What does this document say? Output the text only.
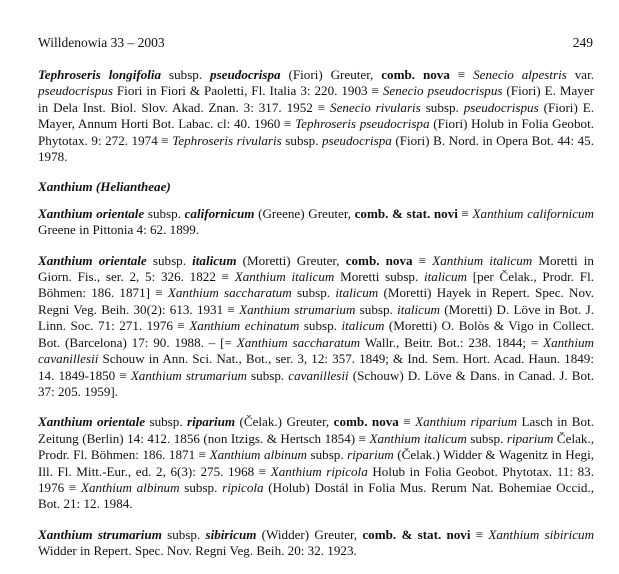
Willdenowia 33 – 2003	249

Tephroseris longifolia subsp. pseudocrispa (Fiori) Greuter, comb. nova ≡ Senecio alpestris var. pseudocrispus Fiori in Fiori & Paoletti, Fl. Italia 3: 220. 1903 ≡ Senecio pseudocrispus (Fiori) E. Mayer in Dela Inst. Biol. Slov. Akad. Znan. 3: 317. 1952 ≡ Senecio rivularis subsp. pseudocrispus (Fiori) E. Mayer, Annum Horti Bot. Labac. cl: 40. 1960 ≡ Tephroseris pseudocrispa (Fiori) Holub in Folia Geobot. Phytotax. 9: 272. 1974 ≡ Tephroseris rivularis subsp. pseudocrispa (Fiori) B. Nord. in Opera Bot. 44: 45. 1978.

Xanthium (Heliantheae)

Xanthium orientale subsp. californicum (Greene) Greuter, comb. & stat. novi ≡ Xanthium californicum Greene in Pittonia 4: 62. 1899.

Xanthium orientale subsp. italicum (Moretti) Greuter, comb. nova ≡ Xanthium italicum Moretti in Giorn. Fis., ser. 2, 5: 326. 1822 ≡ Xanthium italicum Moretti subsp. italicum [per Čelak., Prodr. Fl. Böhmen: 186. 1871] ≡ Xanthium saccharatum subsp. italicum (Moretti) Hayek in Repert. Spec. Nov. Regni Veg. Beih. 30(2): 613. 1931 ≡ Xanthium strumarium subsp. italicum (Moretti) D. Löve in Bot. J. Linn. Soc. 71: 271. 1976 ≡ Xanthium echinatum subsp. italicum (Moretti) O. Bolòs & Vigo in Collect. Bot. (Barcelona) 17: 90. 1988. – [= Xanthium saccharatum Wallr., Beitr. Bot.: 238. 1844; = Xanthium cavanillesii Schouw in Ann. Sci. Nat., Bot., ser. 3, 12: 357. 1849; & Ind. Sem. Hort. Acad. Haun. 1849: 14. 1849-1850 ≡ Xanthium strumarium subsp. cavanillesii (Schouw) D. Löve & Dans. in Canad. J. Bot. 37: 205. 1959].

Xanthium orientale subsp. riparium (Čelak.) Greuter, comb. nova ≡ Xanthium riparium Lasch in Bot. Zeitung (Berlin) 14: 412. 1856 (non Itzigs. & Hertsch 1854) ≡ Xanthium italicum subsp. riparium Čelak., Prodr. Fl. Böhmen: 186. 1871 ≡ Xanthium albinum subsp. riparium (Čelak.) Widder & Wagenitz in Hegi, Ill. Fl. Mitt.-Eur., ed. 2, 6(3): 275. 1968 ≡ Xanthium ripicola Holub in Folia Geobot. Phytotax. 11: 83. 1976 ≡ Xanthium albinum subsp. ripicola (Holub) Dostál in Folia Mus. Rerum Nat. Bohemiae Occid., Bot. 21: 12. 1984.

Xanthium strumarium subsp. sibiricum (Widder) Greuter, comb. & stat. novi ≡ Xanthium sibiricum Widder in Repert. Spec. Nov. Regni Veg. Beih. 20: 32. 1923.
